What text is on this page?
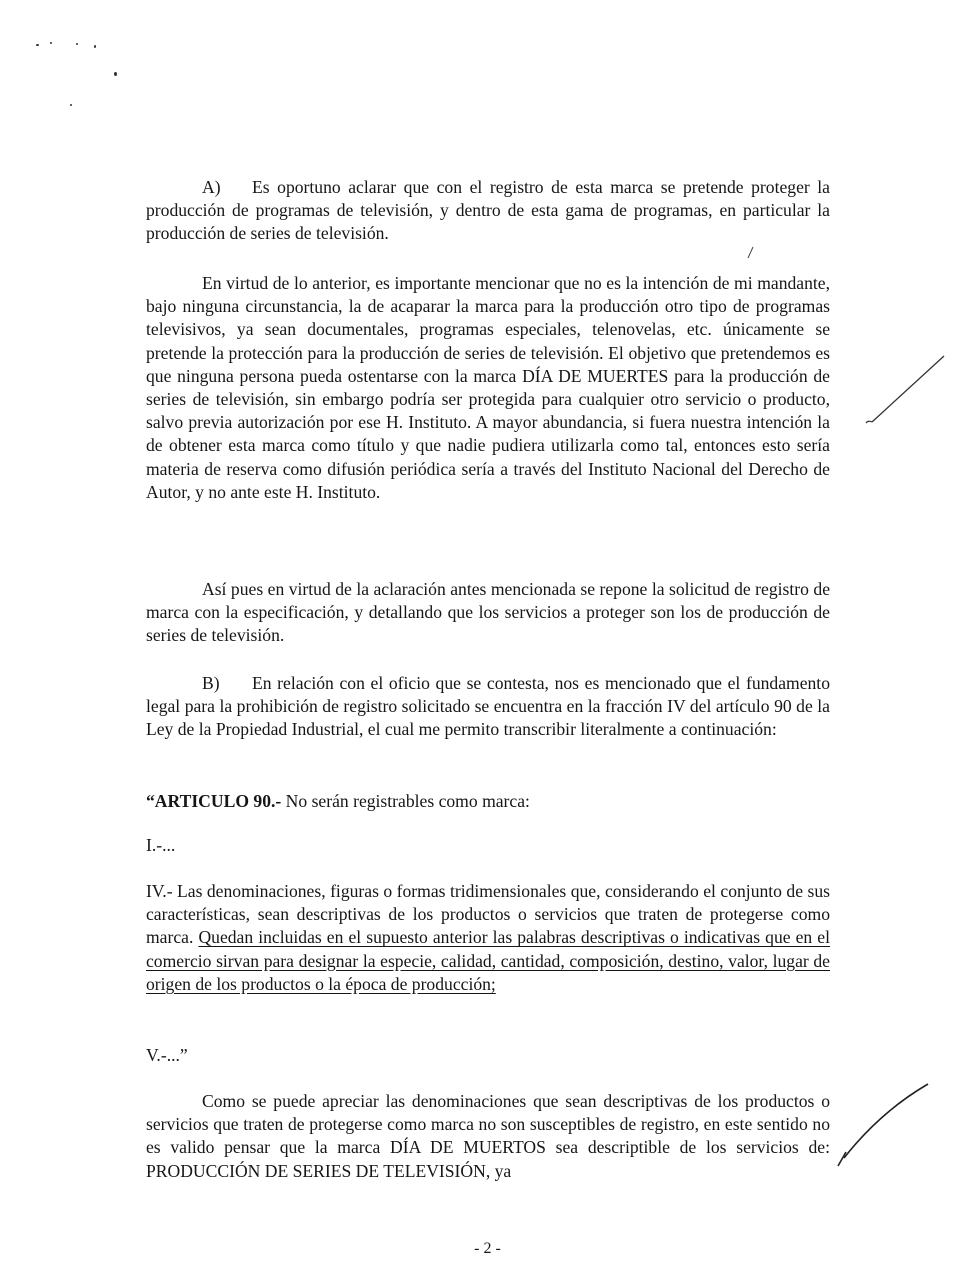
A) Es oportuno aclarar que con el registro de esta marca se pretende proteger la producción de programas de televisión, y dentro de esta gama de programas, en particular la producción de series de televisión.

En virtud de lo anterior, es importante mencionar que no es la intención de mi mandante, bajo ninguna circunstancia, la de acaparar la marca para la producción otro tipo de programas televisivos, ya sean documentales, programas especiales, telenovelas, etc. únicamente se pretende la protección para la producción de series de televisión. El objetivo que pretendemos es que ninguna persona pueda ostentarse con la marca DÍA DE MUERTES para la producción de series de televisión, sin embargo podría ser protegida para cualquier otro servicio o producto, salvo previa autorización por ese H. Instituto. A mayor abundancia, si fuera nuestra intención la de obtener esta marca como título y que nadie pudiera utilizarla como tal, entonces esto sería materia de reserva como difusión periódica sería a través del Instituto Nacional del Derecho de Autor, y no ante este H. Instituto.

Así pues en virtud de la aclaración antes mencionada se repone la solicitud de registro de marca con la especificación, y detallando que los servicios a proteger son los de producción de series de televisión.

B) En relación con el oficio que se contesta, nos es mencionado que el fundamento legal para la prohibición de registro solicitado se encuentra en la fracción IV del artículo 90 de la Ley de la Propiedad Industrial, el cual me permito transcribir literalmente a continuación:

“ARTICULO 90.- No serán registrables como marca:

I.-...

IV.- Las denominaciones, figuras o formas tridimensionales que, considerando el conjunto de sus características, sean descriptivas de los productos o servicios que traten de protegerse como marca. Quedan incluidas en el supuesto anterior las palabras descriptivas o indicativas que en el comercio sirvan para designar la especie, calidad, cantidad, composición, destino, valor, lugar de origen de los productos o la época de producción;

V.-...”

Como se puede apreciar las denominaciones que sean descriptivas de los productos o servicios que traten de protegerse como marca no son susceptibles de registro, en este sentido no es valido pensar que la marca DÍA DE MUERTOS sea descriptible de los servicios de: PRODUCCIÓN DE SERIES DE TELEVISIÓN, ya

- 2 -
